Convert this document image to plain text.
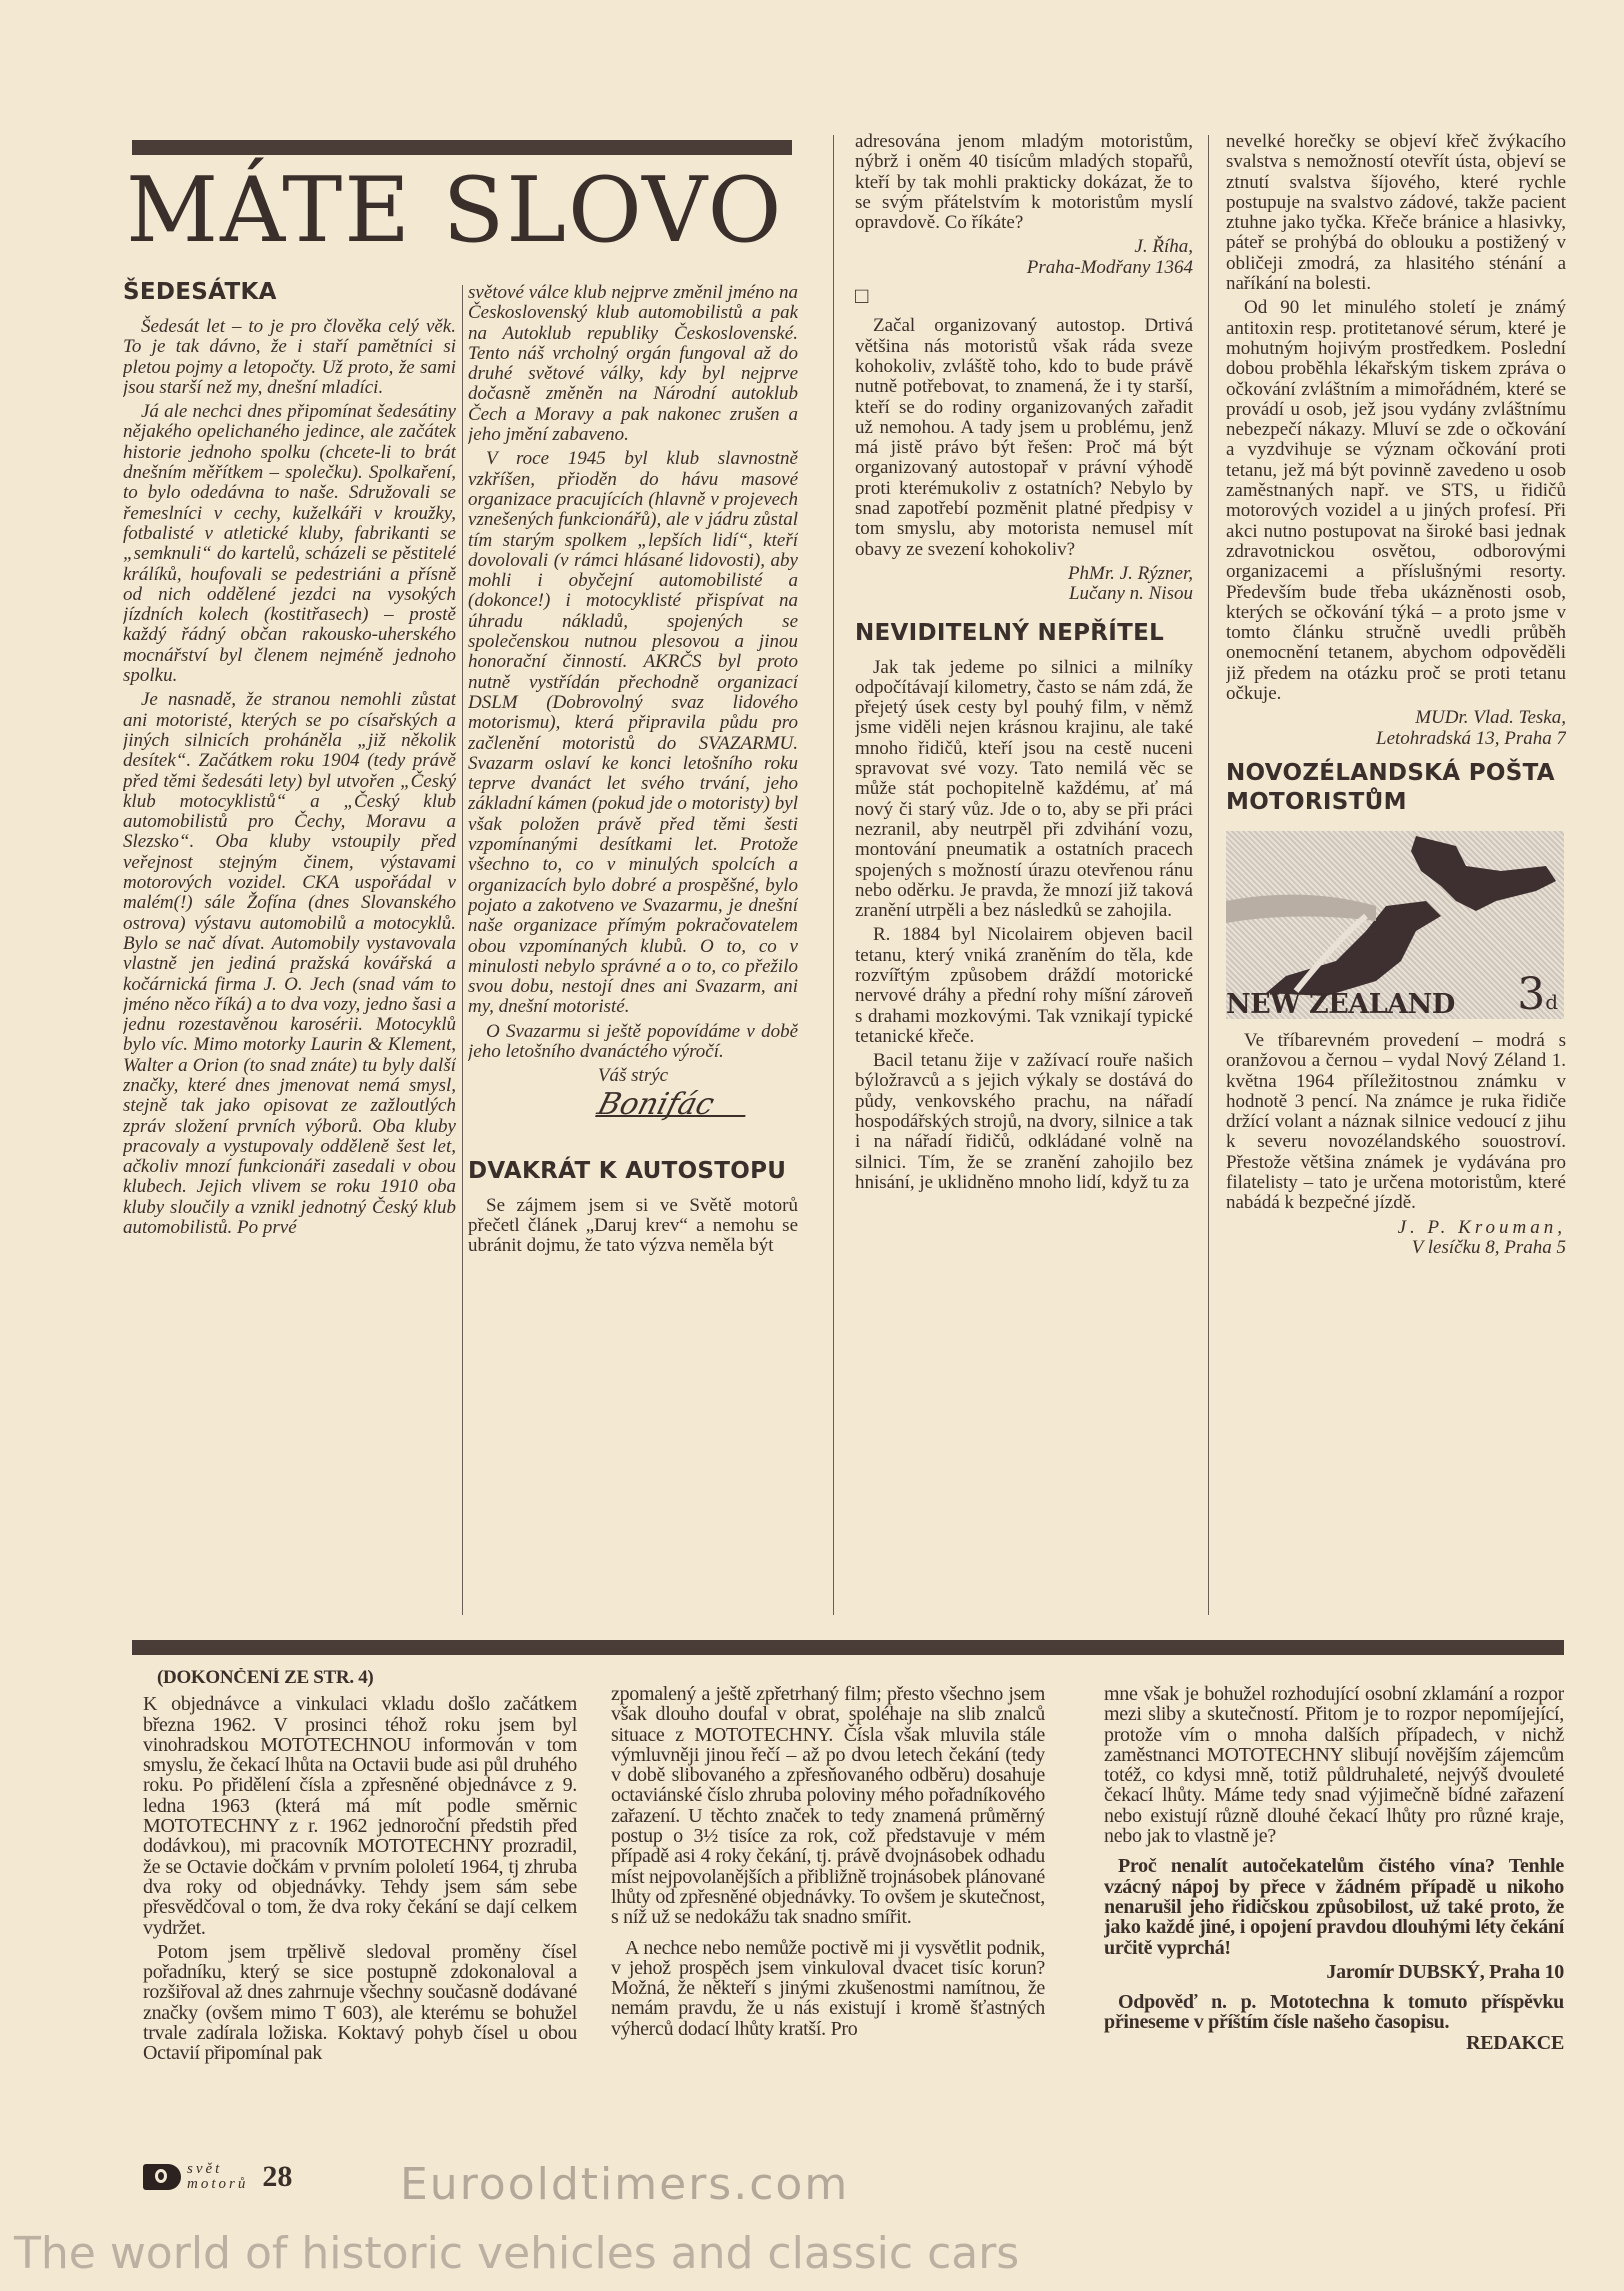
MÁTE SLOVO
ŠEDESÁTKA

Šedesát let – to je pro člověka celý věk. To je tak dávno, že i staří pamětníci si pletou pojmy a letopočty. Už proto, že sami jsou starší než my, dnešní mladíci.

Já ale nechci dnes připomínat šedesátiny nějakého opelichaného jedince, ale začátek historie jednoho spolku (chcete-li to brát dnešním měřítkem – společku). Spolkaření, to bylo odedávna to naše. Sdružovali se řemeslníci v cechy, kuželkáři v kroužky, fotbalisté v atletické kluby, fabrikanti se „semknuli“ do kartelů, scházeli se pěstitelé králíků, houfovali se pedestriáni a přísně od nich oddělené jezdci na vysokých jízdních kolech (kostitřasech) – prostě každý řádný občan rakousko-uherského mocnářství byl členem nejméně jednoho spolku.

Je nasnadě, že stranou nemohli zůstat ani motoristé, kterých se po císařských a jiných silnicích proháněla „již několik desítek“. Začátkem roku 1904 (tedy právě před těmi šedesáti lety) byl utvořen „Český klub motocyklistů“ a „Český klub automobilistů pro Čechy, Moravu a Slezsko“. Oba kluby vstoupily před veřejnost stejným činem, výstavami motorových vozidel. CKA uspořádal v malém(!) sále Žofína (dnes Slovanského ostrova) výstavu automobilů a motocyklů. Bylo se nač dívat. Automobily vystavovala vlastně jen jediná pražská kovářská a kočárnická firma J. O. Jech (snad vám to jméno něco říká) a to dva vozy, jedno šasi a jednu rozestavěnou karosérii. Motocyklů bylo víc. Mimo motorky Laurin & Klement, Walter a Orion (to snad znáte) tu byly další značky, které dnes jmenovat nemá smysl, stejně tak jako opisovat ze zažloutlých zpráv složení prvních výborů. Oba kluby pracovaly a vystupovaly odděleně šest let, ačkoliv mnozí funkcionáři zasedali v obou klubech. Jejich vlivem se roku 1910 oba kluby sloučily a vznikl jednotný Český klub automobilistů. Po prvé

světové válce klub nejprve změnil jméno na Československý klub automobilistů a pak na Autoklub republiky Československé. Tento náš vrcholný orgán fungoval až do druhé světové války, kdy byl nejprve dočasně změněn na Národní autoklub Čech a Moravy a pak nakonec zrušen a jeho jmění zabaveno.

V roce 1945 byl klub slavnostně vzkříšen, přioděn do hávu masové organizace pracujících (hlavně v projevech vznešených funkcionářů), ale v jádru zůstal tím starým spolkem „lepších lidí“, kteří dovolovali (v rámci hlásané lidovosti), aby mohli i obyčejní automobilisté a (dokonce!) i motocyklisté přispívat na úhradu nákladů, spojených se společenskou nutnou plesovou a jinou honorační činností. AKRČS byl proto nutně vystřídán přechodně organizací DSLM (Dobrovolný svaz lidového motorismu), která připravila půdu pro začlenění motoristů do SVAZARMU. Svazarm oslaví ke konci letošního roku teprve dvanáct let svého trvání, jeho základní kámen (pokud jde o motoristy) byl však položen právě před těmi šesti vzpomínanými desítkami let. Protože všechno to, co v minulých spolcích a organizacích bylo dobré a prospěšné, bylo pojato a zakotveno ve Svazarmu, je dnešní naše organizace přímým pokračovatelem obou vzpomínaných klubů. O to, co v minulosti nebylo správné a o to, co přežilo svou dobu, nestojí dnes ani Svazarm, ani my, dnešní motoristé.

O Svazarmu si ještě popovídáme v době jeho letošního dvanáctého výročí.

Váš strýc
Bonifác
DVAKRÁT K AUTOSTOPU

Se zájmem jsem si ve Světě motorů přečetl článek „Daruj krev“ a nemohu se ubránit dojmu, že tato výzva neměla být

adresována jenom mladým motoristům, nýbrž i oněm 40 tisícům mladých stopařů, kteří by tak mohli prakticky dokázat, že to se svým přátelstvím k motoristům myslí opravdově. Co říkáte?

J. Říha,
Praha-Modřany 1364
□

Začal organizovaný autostop. Drtivá většina nás motoristů však ráda sveze kohokoliv, zvláště toho, kdo to bude právě nutně potřebovat, to znamená, že i ty starší, kteří se do rodiny organizovaných zařadit už nemohou. A tady jsem u problému, jenž má jistě právo být řešen: Proč má být organizovaný autostopař v právní výhodě proti kterémukoliv z ostatních? Nebylo by snad zapotřebí pozměnit platné předpisy v tom smyslu, aby motorista nemusel mít obavy ze svezení kohokoliv?

PhMr. J. Rýzner,
Lučany n. Nisou
NEVIDITELNÝ NEPŘÍTEL

Jak tak jedeme po silnici a milníky odpočítávají kilometry, často se nám zdá, že přejetý úsek cesty byl pouhý film, v němž jsme viděli nejen krásnou krajinu, ale také mnoho řidičů, kteří jsou na cestě nuceni spravovat své vozy. Tato nemilá věc se může stát pochopitelně každému, ať má nový či starý vůz. Jde o to, aby se při práci nezranil, aby neutrpěl při zdvihání vozu, montování pneumatik a ostatních pracech spojených s možností úrazu otevřenou ránu nebo oděrku. Je pravda, že mnozí již taková zranění utrpěli a bez následků se zahojila.

R. 1884 byl Nicolairem objeven bacil tetanu, který vniká zraněním do těla, kde rozvířtým způsobem dráždí motorické nervové dráhy a přední rohy míšní zároveň s drahami mozkovými. Tak vznikají typické tetanické křeče.

Bacil tetanu žije v zažívací rouře našich býložravců a s jejich výkaly se dostává do půdy, venkovského prachu, na nářadí hospodářských strojů, na dvory, silnice a tak i na nářadí řidičů, odkládané volně na silnici. Tím, že se zranění zahojilo bez hnisání, je uklidněno mnoho lidí, když tu za

nevelké horečky se objeví křeč žvýkacího svalstva s nemožností otevřít ústa, objeví se ztnutí svalstva šíjového, které rychle postupuje na svalstvo zádové, takže pacient ztuhne jako tyčka. Křeče bránice a hlasivky, páteř se prohýbá do oblouku a postižený v obličeji zmodrá, za hlasitého sténání a naříkání na bolesti.

Od 90 let minulého století je známý antitoxin resp. protitetanové sérum, které je mohutným hojivým prostředkem. Poslední dobou proběhla lékařským tiskem zpráva o očkování zvláštním a mimořádném, které se provádí u osob, jež jsou vydány zvláštnímu nebezpečí nákazy. Mluví se zde o očkování a vyzdvihuje se význam očkování proti tetanu, jež má být povinně zavedeno u osob zaměstnaných např. ve STS, u řidičů motorových vozidel a u jiných profesí. Při akci nutno postupovat na široké basi jednak zdravotnickou osvětou, odborovými organizacemi a příslušnými resorty. Především bude třeba ukázněnosti osob, kterých se očkování týká – a proto jsme v tomto článku stručně uvedli průběh onemocnění tetanem, abychom odpověděli již předem na otázku proč se proti tetanu očkuje.

MUDr. Vlad. Teska,
Letohradská 13, Praha 7
NOVOZÉLANDSKÁ POŠTA MOTORISTŮM
NEW ZEALAND 3d

Ve tříbarevném provedení – modrá s oranžovou a černou – vydal Nový Zéland 1. května 1964 příležitostnou známku v hodnotě 3 pencí. Na známce je ruka řidiče držící volant a náznak silnice vedoucí z jihu k severu novozélandského souostroví. Přestože většina známek je vydávána pro filatelisty – tato je určena motoristům, které nabádá k bezpečné jízdě.

J. P. Krouman,
V lesíčku 8, Praha 5
(DOKONČENÍ ZE STR. 4)

K objednávce a vinkulaci vkladu došlo začátkem března 1962. V prosinci téhož roku jsem byl vinohradskou MOTOTECHNOU informován v tom smyslu, že čekací lhůta na Octavii bude asi půl druhého roku. Po přidělení čísla a zpřesněné objednávce z 9. ledna 1963 (která má mít podle směrnic MOTOTECHNY z r. 1962 jednoroční předstih před dodávkou), mi pracovník MOTOTECHNY prozradil, že se Octavie dočkám v prvním pololetí 1964, tj zhruba dva roky od objednávky. Tehdy jsem sám sebe přesvědčoval o tom, že dva roky čekání se dají celkem vydržet.

Potom jsem trpělivě sledoval proměny čísel pořadníku, který se sice postupně zdokonaloval a rozšiřoval až dnes zahrnuje všechny současně dodávané značky (ovšem mimo T 603), ale kterému se bohužel trvale zadírala ložiska. Koktavý pohyb čísel u obou Octavií připomínal pak

zpomalený a ještě zpřetrhaný film; přesto všechno jsem však dlouho doufal v obrat, spoléhaje na slib znalců situace z MOTOTECHNY. Čísla však mluvila stále výmluvněji jinou řečí – až po dvou letech čekání (tedy v době slibovaného a zpřesňovaného odběru) dosahuje octaviánské číslo zhruba poloviny mého pořadníkového zařazení. U těchto značek to tedy znamená průměrný postup o 3½ tisíce za rok, což představuje v mém případě asi 4 roky čekání, tj. právě dvojnásobek odhadu míst nejpovolanějších a přibližně trojnásobek plánované lhůty od zpřesněné objednávky. To ovšem je skutečnost, s níž už se nedokážu tak snadno smířit.

A nechce nebo nemůže poctivě mi ji vysvětlit podnik, v jehož prospěch jsem vinkuloval dvacet tisíc korun? Možná, že někteří s jinými zkušenostmi namítnou, že nemám pravdu, že u nás existují i kromě šťastných výherců dodací lhůty kratší. Pro

mne však je bohužel rozhodující osobní zklamání a rozpor mezi sliby a skutečností. Přitom je to rozpor nepomíjející, protože vím o mnoha dalších případech, v nichž zaměstnanci MOTOTECHNY slibují novějším zájemcům totéž, co kdysi mně, totiž půldruhaleté, nejvýš dvouleté čekací lhůty. Máme tedy snad výjimečně bídné zařazení nebo existují různě dlouhé čekací lhůty pro různé kraje, nebo jak to vlastně je?

Proč nenalít autočekatelům čistého vína? Tenhle vzácný nápoj by přece v žádném případě u nikoho nenarušil jeho řidičskou způsobilost, už také proto, že jako každé jiné, i opojení pravdou dlouhými léty čekání určitě vyprchá!

Jaromír DUBSKÝ, Praha 10

Odpověď n. p. Mototechna k tomuto příspěvku přineseme v příštím čísle našeho časopisu.

REDAKCE
svět
motorů 28 Eurooldtimers.com
The world of historic vehicles and classic cars
